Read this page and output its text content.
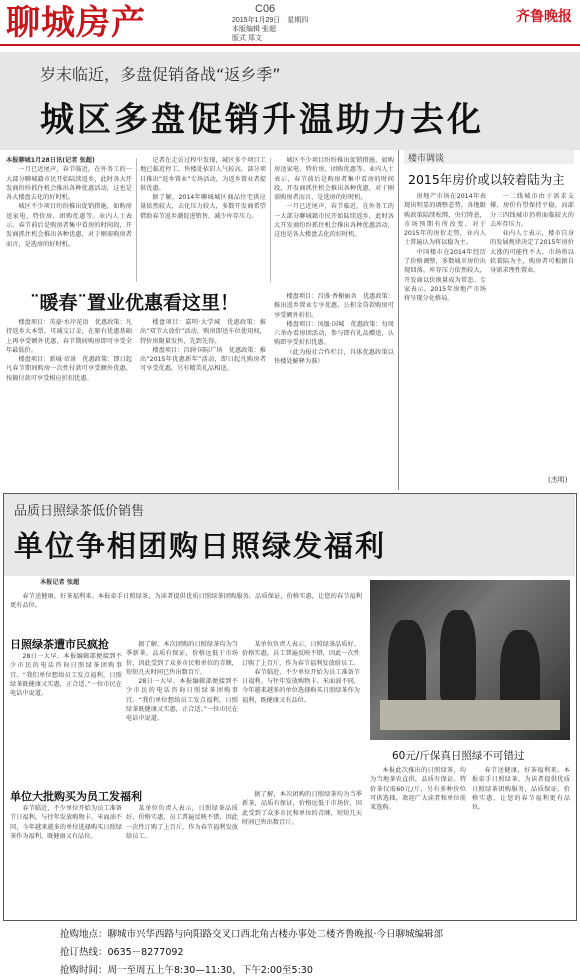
聊城房产	C06
2015年1月29日　星期四
本版编辑 张超
版式 郑文
齐鲁晚报
岁末临近，多盘促销备战“返乡季”
城区多盘促销升温助力去化

本报聊城1月28日讯(记者 张超)

一月已近尾声，春节临近，在外务工的一大部分聊城籍市民开始陆续返乡，此时各大开发商纷纷抓住机会推出各种优惠活动，这也是各大楼盘去化的好时机。

城区不少项目纷纷推出促销措施，如购房送家电、特价房、团购优惠等。业内人士表示，春节前后是购房者集中看房的时间段，开发商抓住机会推出各种优惠，对于刚需购房者而言，是选房的好时机。

记者在走访过程中发现，城区多个项目工地已临近停工，售楼处依旧人气较高，部分项目推出“返乡置业”专场活动，为返乡置业者提供优惠。

据了解，2014年聊城城区商品住宅供应量依然较大，去化压力较大，多数开发商希望借助春节返乡潮促进销售，减少库存压力。

城区不少项目纷纷推出促销措施，如购房送家电、特价房、团购优惠等。业内人士表示，春节前后是购房者集中看房的时间段，开发商抓住机会推出各种优惠，对于刚需购房者而言，是选房的好时机。

一月已近尾声，春节临近，在外务工的一大部分聊城籍市民开始陆续返乡，此时各大开发商纷纷抓住机会推出各种优惠活动，这也是各大楼盘去化的好时机。

¨暖春¨置业优惠看这里！

楼盘项目：英豪·水岸花语　优惠政策：凡持返乡大本票，可减交订金，在原有优惠基础上再享受额外优惠，春节期间购房即可享受全年最低价。

楼盘项目：新城·帝景　优惠政策：即日起凡春节期间购房一次性付款可享受额外优惠，按揭付款可享受相应折扣优惠。

楼盘项目：嘉明·大学城　优惠政策：推出“双节大放价”活动，购房即送车位使用权，特价房限量发售，先到先得。

楼盘项目：昌润·国际广场　优惠政策：推出“2015年优惠新年”活动，即日起凡购房者可享受优惠，另有精美礼品相送。

楼盘项目：昌盛·香榭丽舍　优惠政策：推出返乡置业专享优惠，公积金贷款购房可享受额外折扣。

楼盘项目：凤凰·国城　优惠政策：每周六举办看房团活动，参与即有礼品赠送，认购即享受折扣优惠。

（此为报社合作栏目，具体优惠政策以售楼处解释为准）

楼市调谈
2015年房价或以较着陆为主

房地产市场在2014年表现出明显的调整态势，各地限购政策陆续松绑，央行降息，市场预期有所改变。对于2015年的房价走势，业内人士普遍认为将以稳为主。

中国楼市在2014年经历了价格调整，多数城市房价出现回落，库存压力依然较大，开发商以价换量成为常态。专家表示，2015年房地产市场将呈现分化格局。

一二线城市由于需求支撑，房价有望保持平稳，而部分三四线城市仍将面临较大的去库存压力。

业内人士表示，楼市自身的发展规律决定了2015年房价大涨的可能性不大，市场将以软着陆为主，购房者可根据自身需求理性置业。

(杰明)
品质日照绿茶低价销售
单位争相团购日照绿发福利
本报记者 张超

春节送健康，好茶福利来。本报牵手日照绿茶，为读者提供优质日照绿茶团购服务，品质保证，价格实惠，让您的春节福利更有品位。

日照绿茶遭市民疯抢

28日一大早，本报编辑部便接到不少市民的电话咨询日照绿茶团购事宜。“我们单位想给员工发点福利，日照绿茶既健康又实惠，正合适。”一位市民在电话中说道。

据了解，本次团购的日照绿茶均为当季新茶，品质有保证，价格远低于市场价，因此受到了众多市民和单位的青睐，短短几天时间已售出数百斤。

28日一大早，本报编辑部便接到不少市民的电话咨询日照绿茶团购事宜。“我们单位想给员工发点福利，日照绿茶既健康又实惠，正合适。”一位市民在电话中说道。

某单位负责人表示，日照绿茶品质好、价格实惠，员工普遍反映不错，因此一次性订购了上百斤，作为春节福利发放给员工。

春节临近，不少单位开始为员工准备节日福利。与往年发放购物卡、米面油不同，今年越来越多的单位选择购买日照绿茶作为福利，既健康又有品位。

单位大批购买为员工发福利

春节临近，不少单位开始为员工准备节日福利。与往年发放购物卡、米面油不同，今年越来越多的单位选择购买日照绿茶作为福利，既健康又有品位。

某单位负责人表示，日照绿茶品质好、价格实惠，员工普遍反映不错，因此一次性订购了上百斤，作为春节福利发放给员工。

据了解，本次团购的日照绿茶均为当季新茶，品质有保证，价格远低于市场价，因此受到了众多市民和单位的青睐，短短几天时间已售出数百斤。

60元/斤保真日照绿不可错过

本报此次推出的日照绿茶，均为当地茶农直供，品质有保证。特价茶仅需60元/斤，另有多种价位可供选择，欢迎广大读者和单位前来选购。

春节送健康，好茶福利来。本报牵手日照绿茶，为读者提供优质日照绿茶团购服务，品质保证，价格实惠，让您的春节福利更有品位。

抢购地点：聊城市兴华西路与向阳路交叉口西北角古楼办事处二楼齐鲁晚报·今日聊城编辑部
抢订热线：0635－8277092
抢购时间：周一至周五上午8:30—11:30，下午2:00至5:30
